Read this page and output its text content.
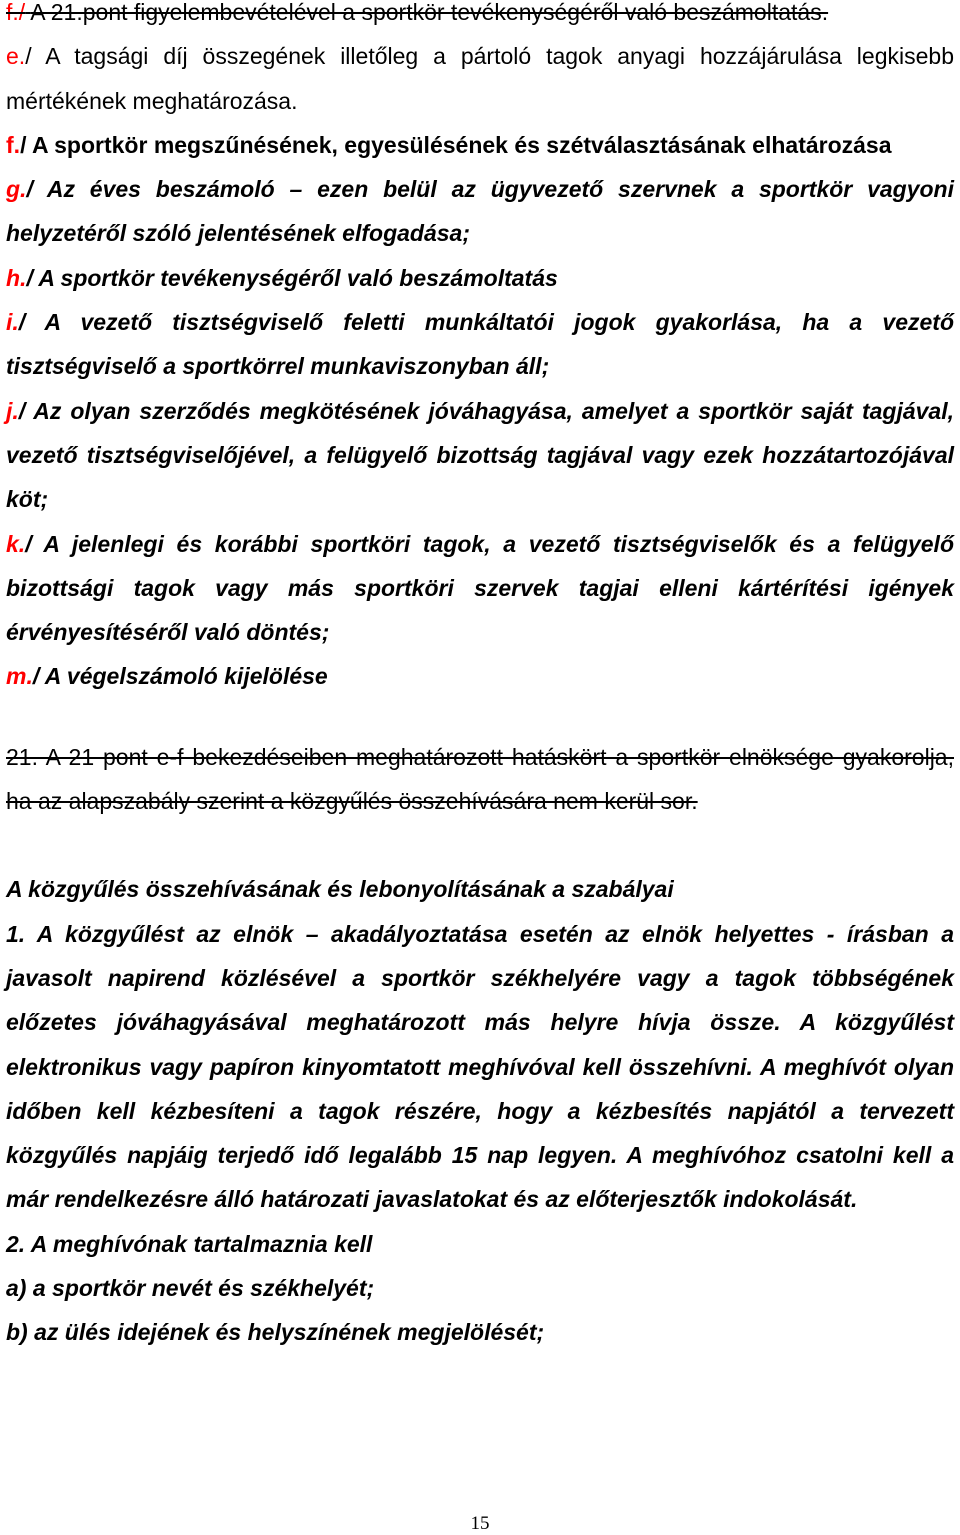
f./ A 21.pont figyelembevételével a sportkör tevékenységéről való beszámoltatás.

e./ A tagsági díj összegének illetőleg a pártoló tagok anyagi hozzájárulása legkisebb mértékének meghatározása.

f./ A sportkör megszűnésének, egyesülésének és szétválasztásának elhatározása

g./ Az éves beszámoló – ezen belül az ügyvezető szervnek a sportkör vagyoni helyzetéről szóló jelentésének elfogadása;

h./ A sportkör tevékenységéről való beszámoltatás

i./ A vezető tisztségviselő feletti munkáltatói jogok gyakorlása, ha a vezető tisztségviselő a sportkörrel munkaviszonyban áll;

j./ Az olyan szerződés megkötésének jóváhagyása, amelyet a sportkör saját tagjával, vezető tisztségviselőjével, a felügyelő bizottság tagjával vagy ezek hozzátartozójával köt;

k./ A jelenlegi és korábbi sportköri tagok, a vezető tisztségviselők és a felügyelő bizottsági tagok vagy más sportköri szervek tagjai elleni kártérítési igények érvényesítéséről való döntés;

m./ A végelszámoló kijelölése

21. A 21 pont e-f bekezdéseiben meghatározott hatáskört a sportkör elnöksége gyakorolja, ha az alapszabály szerint a közgyűlés összehívására nem kerül sor.

A közgyűlés összehívásának és lebonyolításának a szabályai

1. A közgyűlést az elnök – akadályoztatása esetén az elnök helyettes - írásban a javasolt napirend közlésével a sportkör székhelyére vagy a tagok többségének előzetes jóváhagyásával meghatározott más helyre hívja össze. A közgyűlést elektronikus vagy papíron kinyomtatott meghívóval kell összehívni. A meghívót olyan időben kell kézbesíteni a tagok részére, hogy a kézbesítés napjától a tervezett közgyűlés napjáig terjedő idő legalább 15 nap legyen. A meghívóhoz csatolni kell a már rendelkezésre álló határozati javaslatokat és az előterjesztők indokolását.

2. A meghívónak tartalmaznia kell

a) a sportkör nevét és székhelyét;

b) az ülés idejének és helyszínének megjelölését;

15
